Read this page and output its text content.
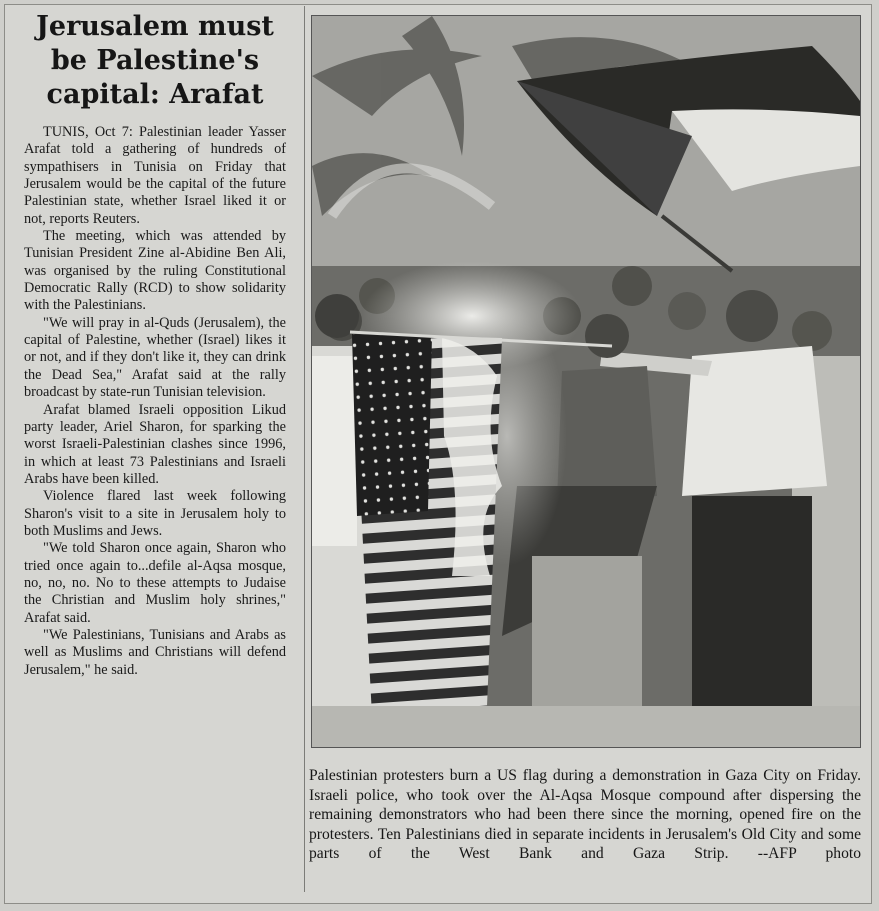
Jerusalem must be Palestine's capital: Arafat

TUNIS, Oct 7: Palestinian leader Yasser Arafat told a gathering of hundreds of sympathisers in Tunisia on Friday that Jerusalem would be the capital of the future Palestinian state, whether Israel liked it or not, reports Reuters.

The meeting, which was attended by Tunisian President Zine al-Abidine Ben Ali, was organised by the ruling Constitutional Democratic Rally (RCD) to show solidarity with the Palestinians.

"We will pray in al-Quds (Jerusalem), the capital of Palestine, whether (Israel) likes it or not, and if they don't like it, they can drink the Dead Sea," Arafat said at the rally broadcast by state-run Tunisian television.

Arafat blamed Israeli opposition Likud party leader, Ariel Sharon, for sparking the worst Israeli-Palestinian clashes since 1996, in which at least 73 Palestinians and Israeli Arabs have been killed.

Violence flared last week following Sharon's visit to a site in Jerusalem holy to both Muslims and Jews.

"We told Sharon once again, Sharon who tried once again to...defile al-Aqsa mosque, no, no, no. No to these attempts to Judaise the Christian and Muslim holy shrines," Arafat said.

"We Palestinians, Tunisians and Arabs as well as Muslims and Christians will defend Jerusalem," he said.

Palestinian protesters burn a US flag during a demonstration in Gaza City on Friday. Israeli police, who took over the Al-Aqsa Mosque compound after dispersing the remaining demonstrators who had been there since the morning, opened fire on the protesters. Ten Palestinians died in separate incidents in Jerusalem's Old City and some parts of the West Bank and Gaza Strip. --AFP photo
